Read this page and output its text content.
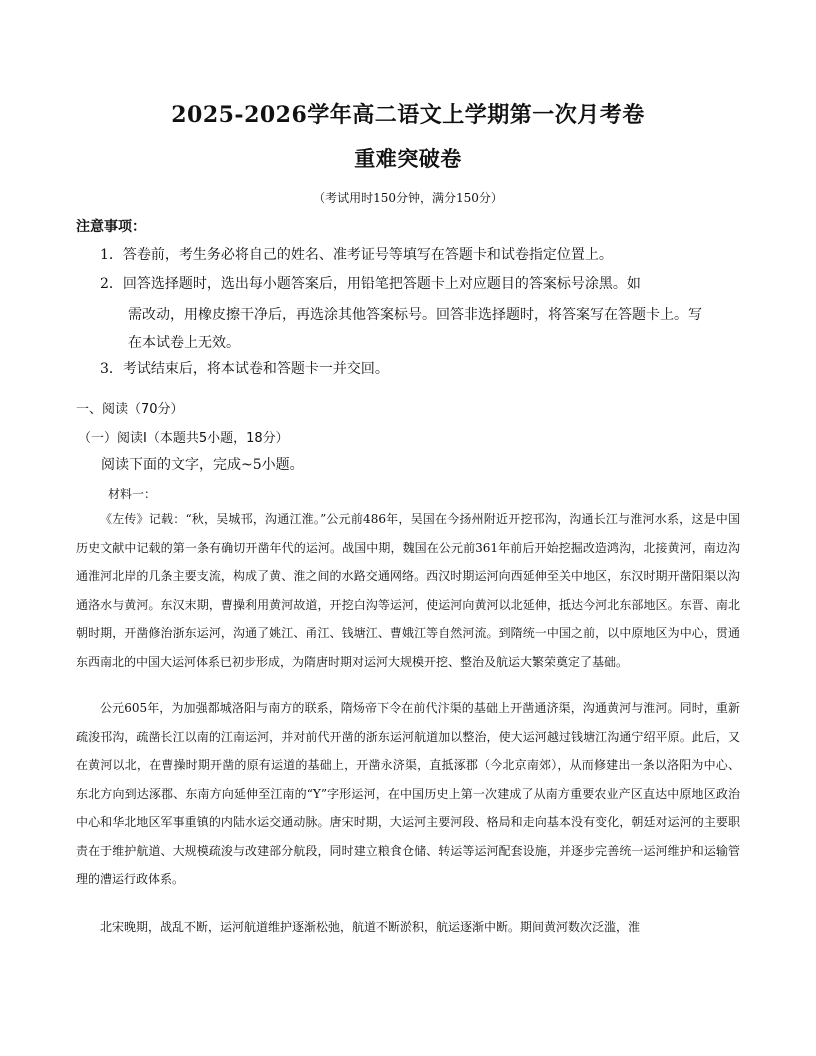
2025-2026学年高二语文上学期第一次月考卷
重难突破卷
（考试用时150分钟，满分150分）
注意事项：
1．答卷前，考生务必将自己的姓名、准考证号等填写在答题卡和试卷指定位置上。
2．回答选择题时，选出每小题答案后，用铅笔把答题卡上对应题目的答案标号涂黑。如
需改动，用橡皮擦干净后，再选涂其他答案标号。回答非选择题时，将答案写在答题卡上。写
在本试卷上无效。
3．考试结束后，将本试卷和答题卡一并交回。
一、阅读（70分）
（一）阅读Ⅰ（本题共5小题，18分）
阅读下面的文字，完成~5小题。
材料一：

《左传》记载：“秋，吴城邗，沟通江淮。”公元前486年，吴国在今扬州附近开挖邗沟，沟通长江与淮河水系，这是中国历史文献中记载的第一条有确切开凿年代的运河。战国中期，魏国在公元前361年前后开始挖掘改造鸿沟，北接黄河，南边沟通淮河北岸的几条主要支流，构成了黄、淮之间的水路交通网络。西汉时期运河向西延伸至关中地区，东汉时期开凿阳渠以沟通洛水与黄河。东汉末期，曹操利用黄河故道，开挖白沟等运河，使运河向黄河以北延伸，抵达今河北东部地区。东晋、南北朝时期，开凿修治浙东运河，沟通了姚江、甬江、钱塘江、曹娥江等自然河流。到隋统一中国之前，以中原地区为中心，贯通东西南北的中国大运河体系已初步形成，为隋唐时期对运河大规模开挖、整治及航运大繁荣奠定了基础。

公元605年，为加强都城洛阳与南方的联系，隋炀帝下令在前代汴渠的基础上开凿通济渠，沟通黄河与淮河。同时，重新疏浚邗沟，疏凿长江以南的江南运河，并对前代开凿的浙东运河航道加以整治，使大运河越过钱塘江沟通宁绍平原。此后，又在黄河以北，在曹操时期开凿的原有运道的基础上，开凿永济渠，直抵涿郡（今北京南郊），从而修建出一条以洛阳为中心、东北方向到达涿郡、东南方向延伸至江南的“Y”字形运河，在中国历史上第一次建成了从南方重要农业产区直达中原地区政治中心和华北地区军事重镇的内陆水运交通动脉。唐宋时期，大运河主要河段、格局和走向基本没有变化，朝廷对运河的主要职责在于维护航道、大规模疏浚与改建部分航段，同时建立粮食仓储、转运等运河配套设施，并逐步完善统一运河维护和运输管理的漕运行政体系。

北宋晚期，战乱不断，运河航道维护逐渐松弛，航道不断淤积，航运逐渐中断。期间黄河数次泛滥，淮
